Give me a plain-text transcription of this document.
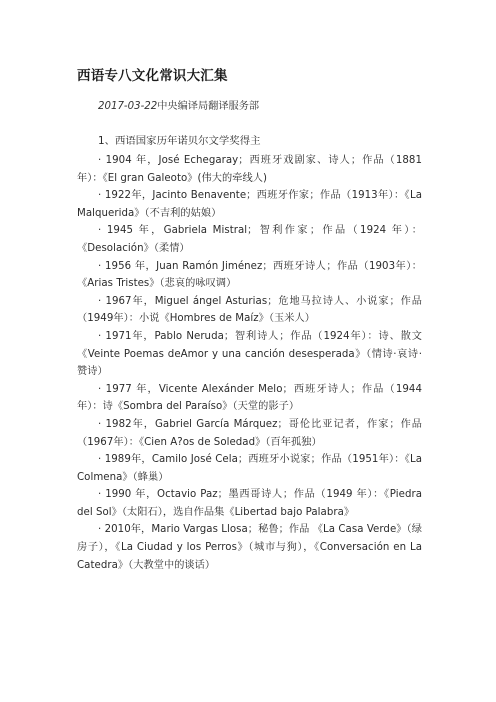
西语专八文化常识大汇集
2017-03-22中央编译局翻译服务部
1、西语国家历年诺贝尔文学奖得主

· 1904 年，José Echegaray；西班牙戏剧家、诗人；作品（1881年）：《El gran Galeoto》(伟大的牵线人)

· 1922年，Jacinto Benavente；西班牙作家；作品（1913年）：《La Malquerida》（不吉利的姑娘）

· 1945 年，Gabriela Mistral；智利作家；作品（1924 年）：《Desolación》（柔情）

· 1956 年，Juan Ramón Jiménez；西班牙诗人；作品（1903年）：《Arias Tristes》（悲哀的咏叹调）

· 1967年，Miguel ángel Asturias；危地马拉诗人、小说家；作品（1949年）：小说《Hombres de Maíz》（玉米人）

· 1971年，Pablo Neruda；智利诗人；作品（1924年）：诗、散文《Veinte Poemas deAmor y una canción desesperada》（情诗·哀诗·赞诗）

· 1977 年，Vicente Alexánder Melo；西班牙诗人；作品（1944年）：诗《Sombra del Paraíso》（天堂的影子）

· 1982年，Gabriel García Márquez；哥伦比亚记者，作家；作品（1967年）：《Cien A?os de Soledad》（百年孤独）

· 1989年，Camilo José Cela；西班牙小说家；作品（1951年）：《La Colmena》（蜂巢）

· 1990 年，Octavio Paz；墨西哥诗人；作品（1949 年）：《Piedra del Sol》（太阳石），选自作品集《Libertad bajo Palabra》

· 2010年，Mario Vargas Llosa；秘鲁；作品 《La Casa Verde》（绿房子），《La Ciudad y los Perros》（城市与狗），《Conversación en La Catedra》（大教堂中的谈话）
